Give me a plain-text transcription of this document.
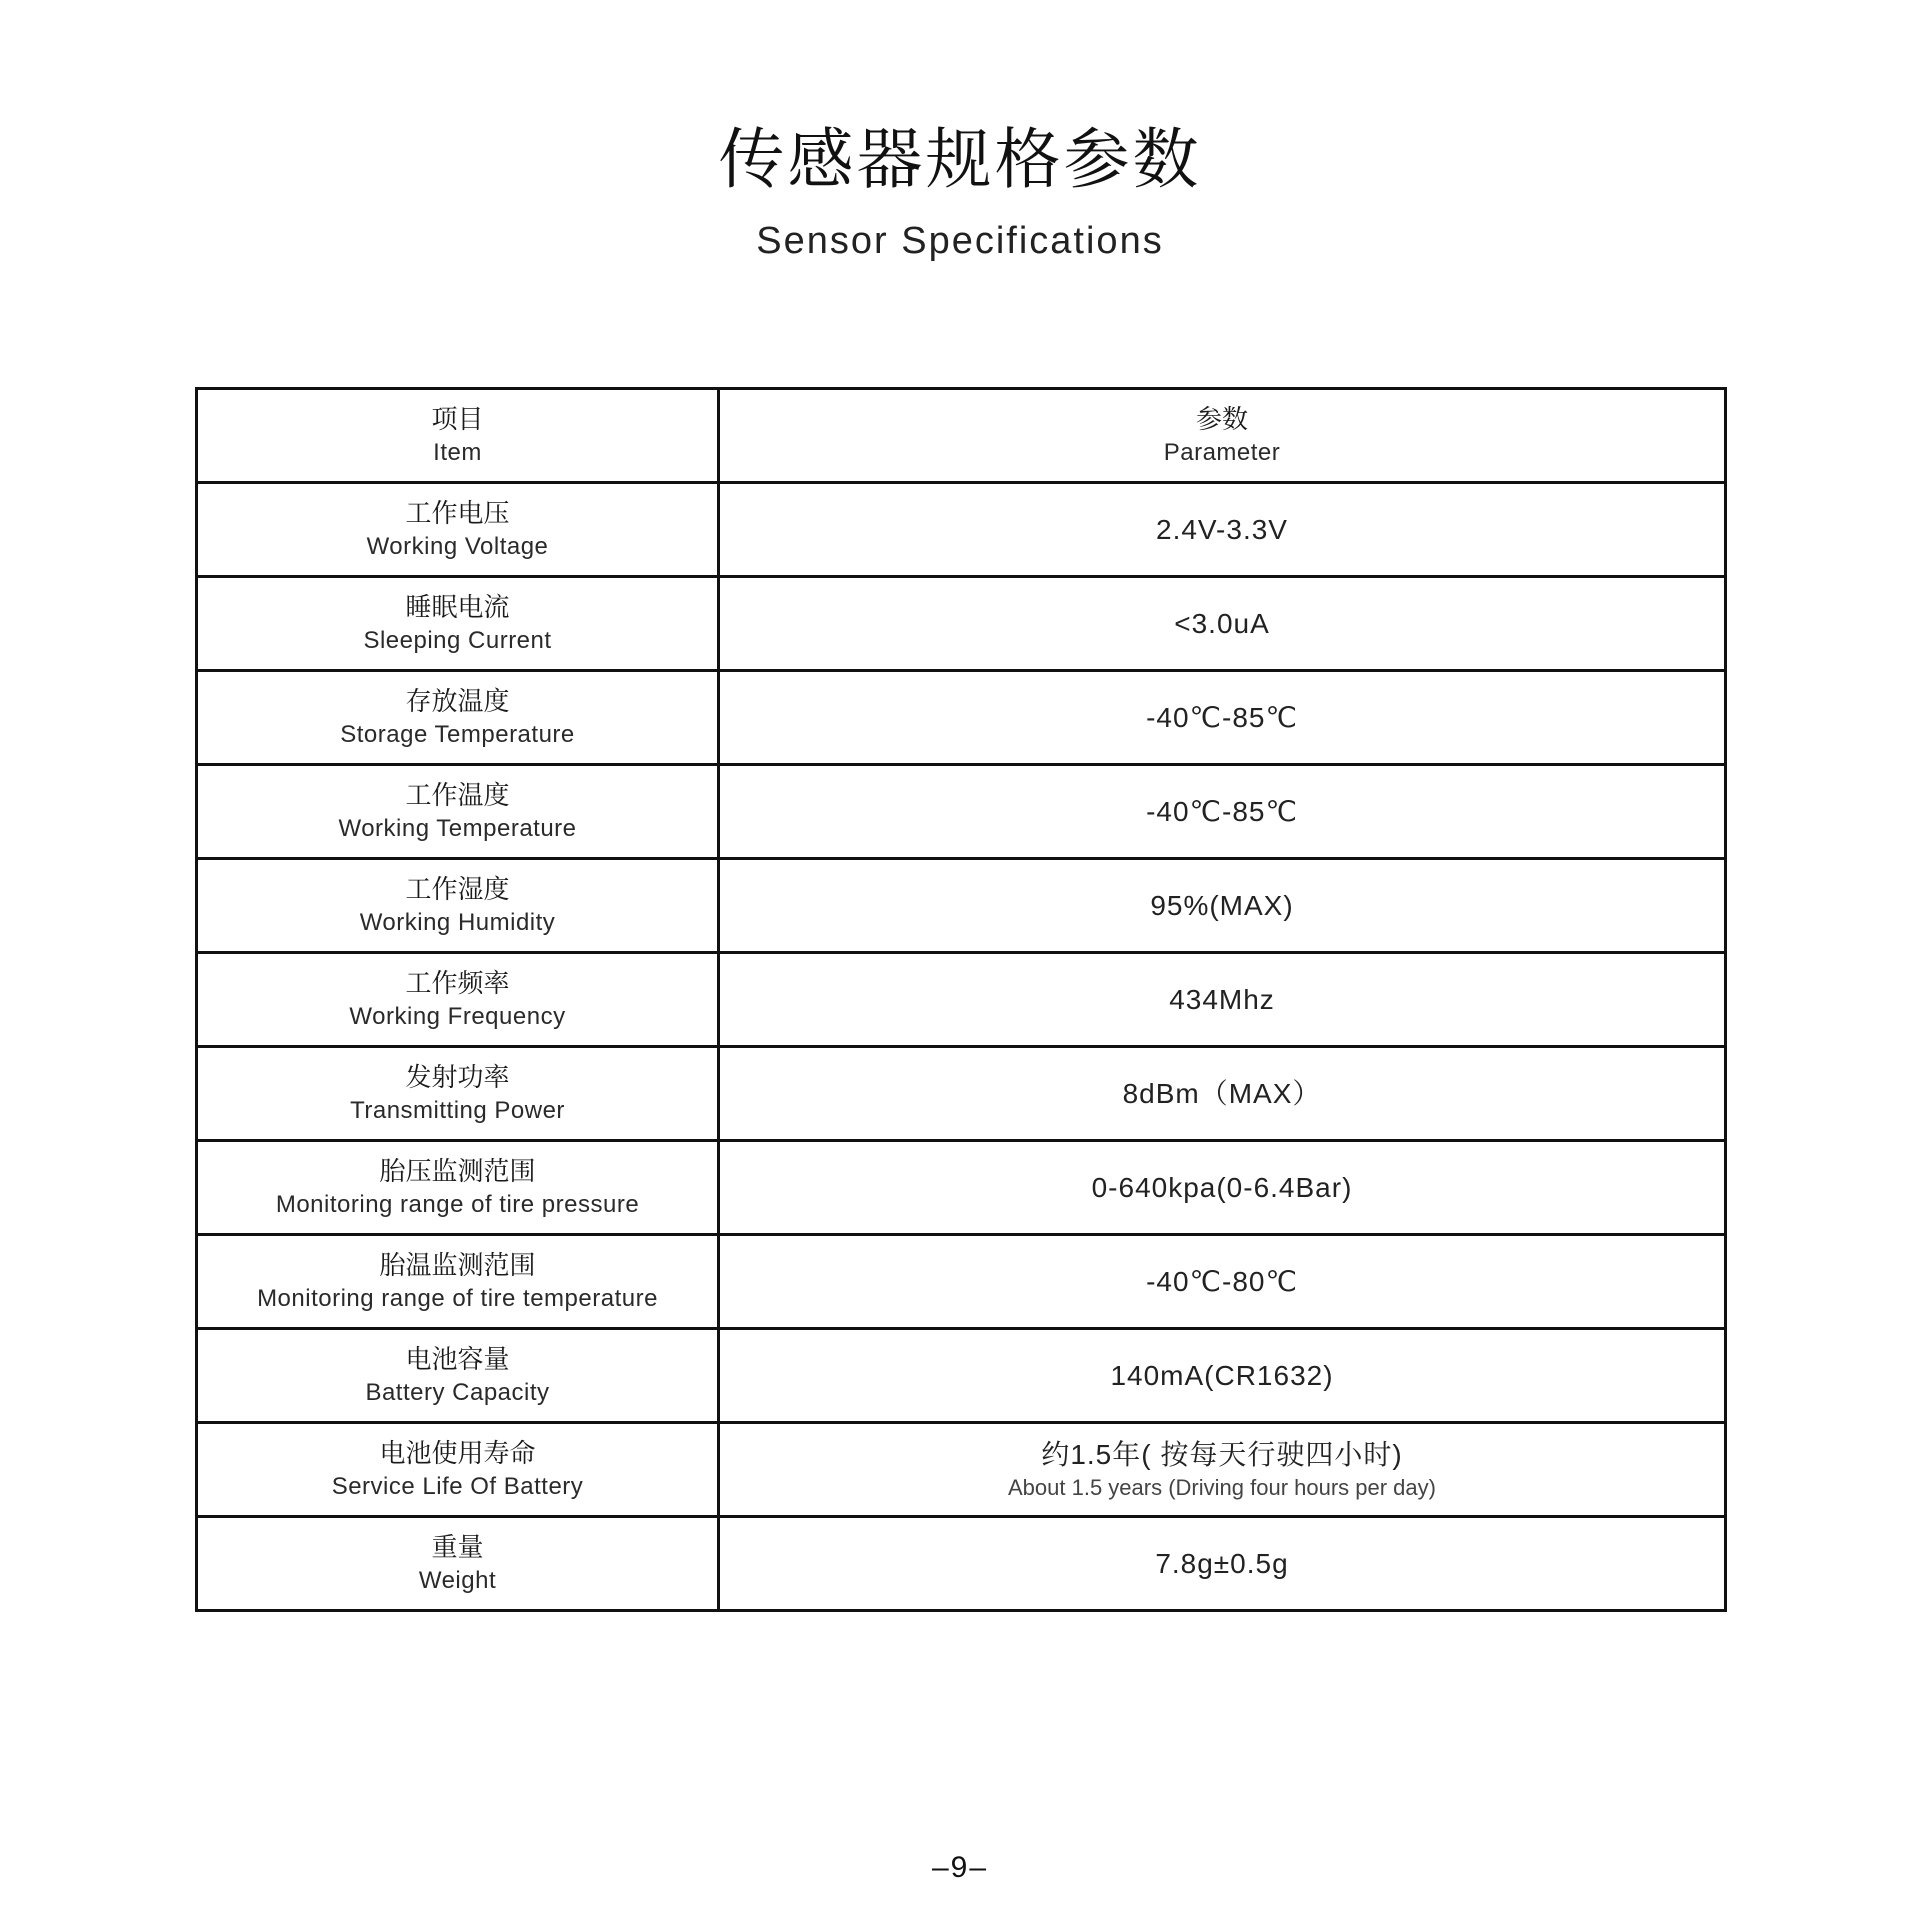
传感器规格参数
Sensor Specifications
项目
Item	参数
Parameter

工作电压
Working Voltage	2.4V-3.3V

睡眠电流
Sleeping Current	<3.0uA

存放温度
Storage Temperature	-40℃-85℃

工作温度
Working Temperature	-40℃-85℃

工作湿度
Working Humidity	95%(MAX)

工作频率
Working Frequency	434Mhz

发射功率
Transmitting Power	8dBm（MAX）

胎压监测范围
Monitoring range of tire pressure	0-640kpa(0-6.4Bar)

胎温监测范围
Monitoring range of tire temperature	-40℃-80℃

电池容量
Battery Capacity	140mA(CR1632)

电池使用寿命
Service Life Of Battery	约1.5年( 按每天行驶四小时)
About 1.5 years (Driving four hours per day)

重量
Weight	7.8g±0.5g
–9–
